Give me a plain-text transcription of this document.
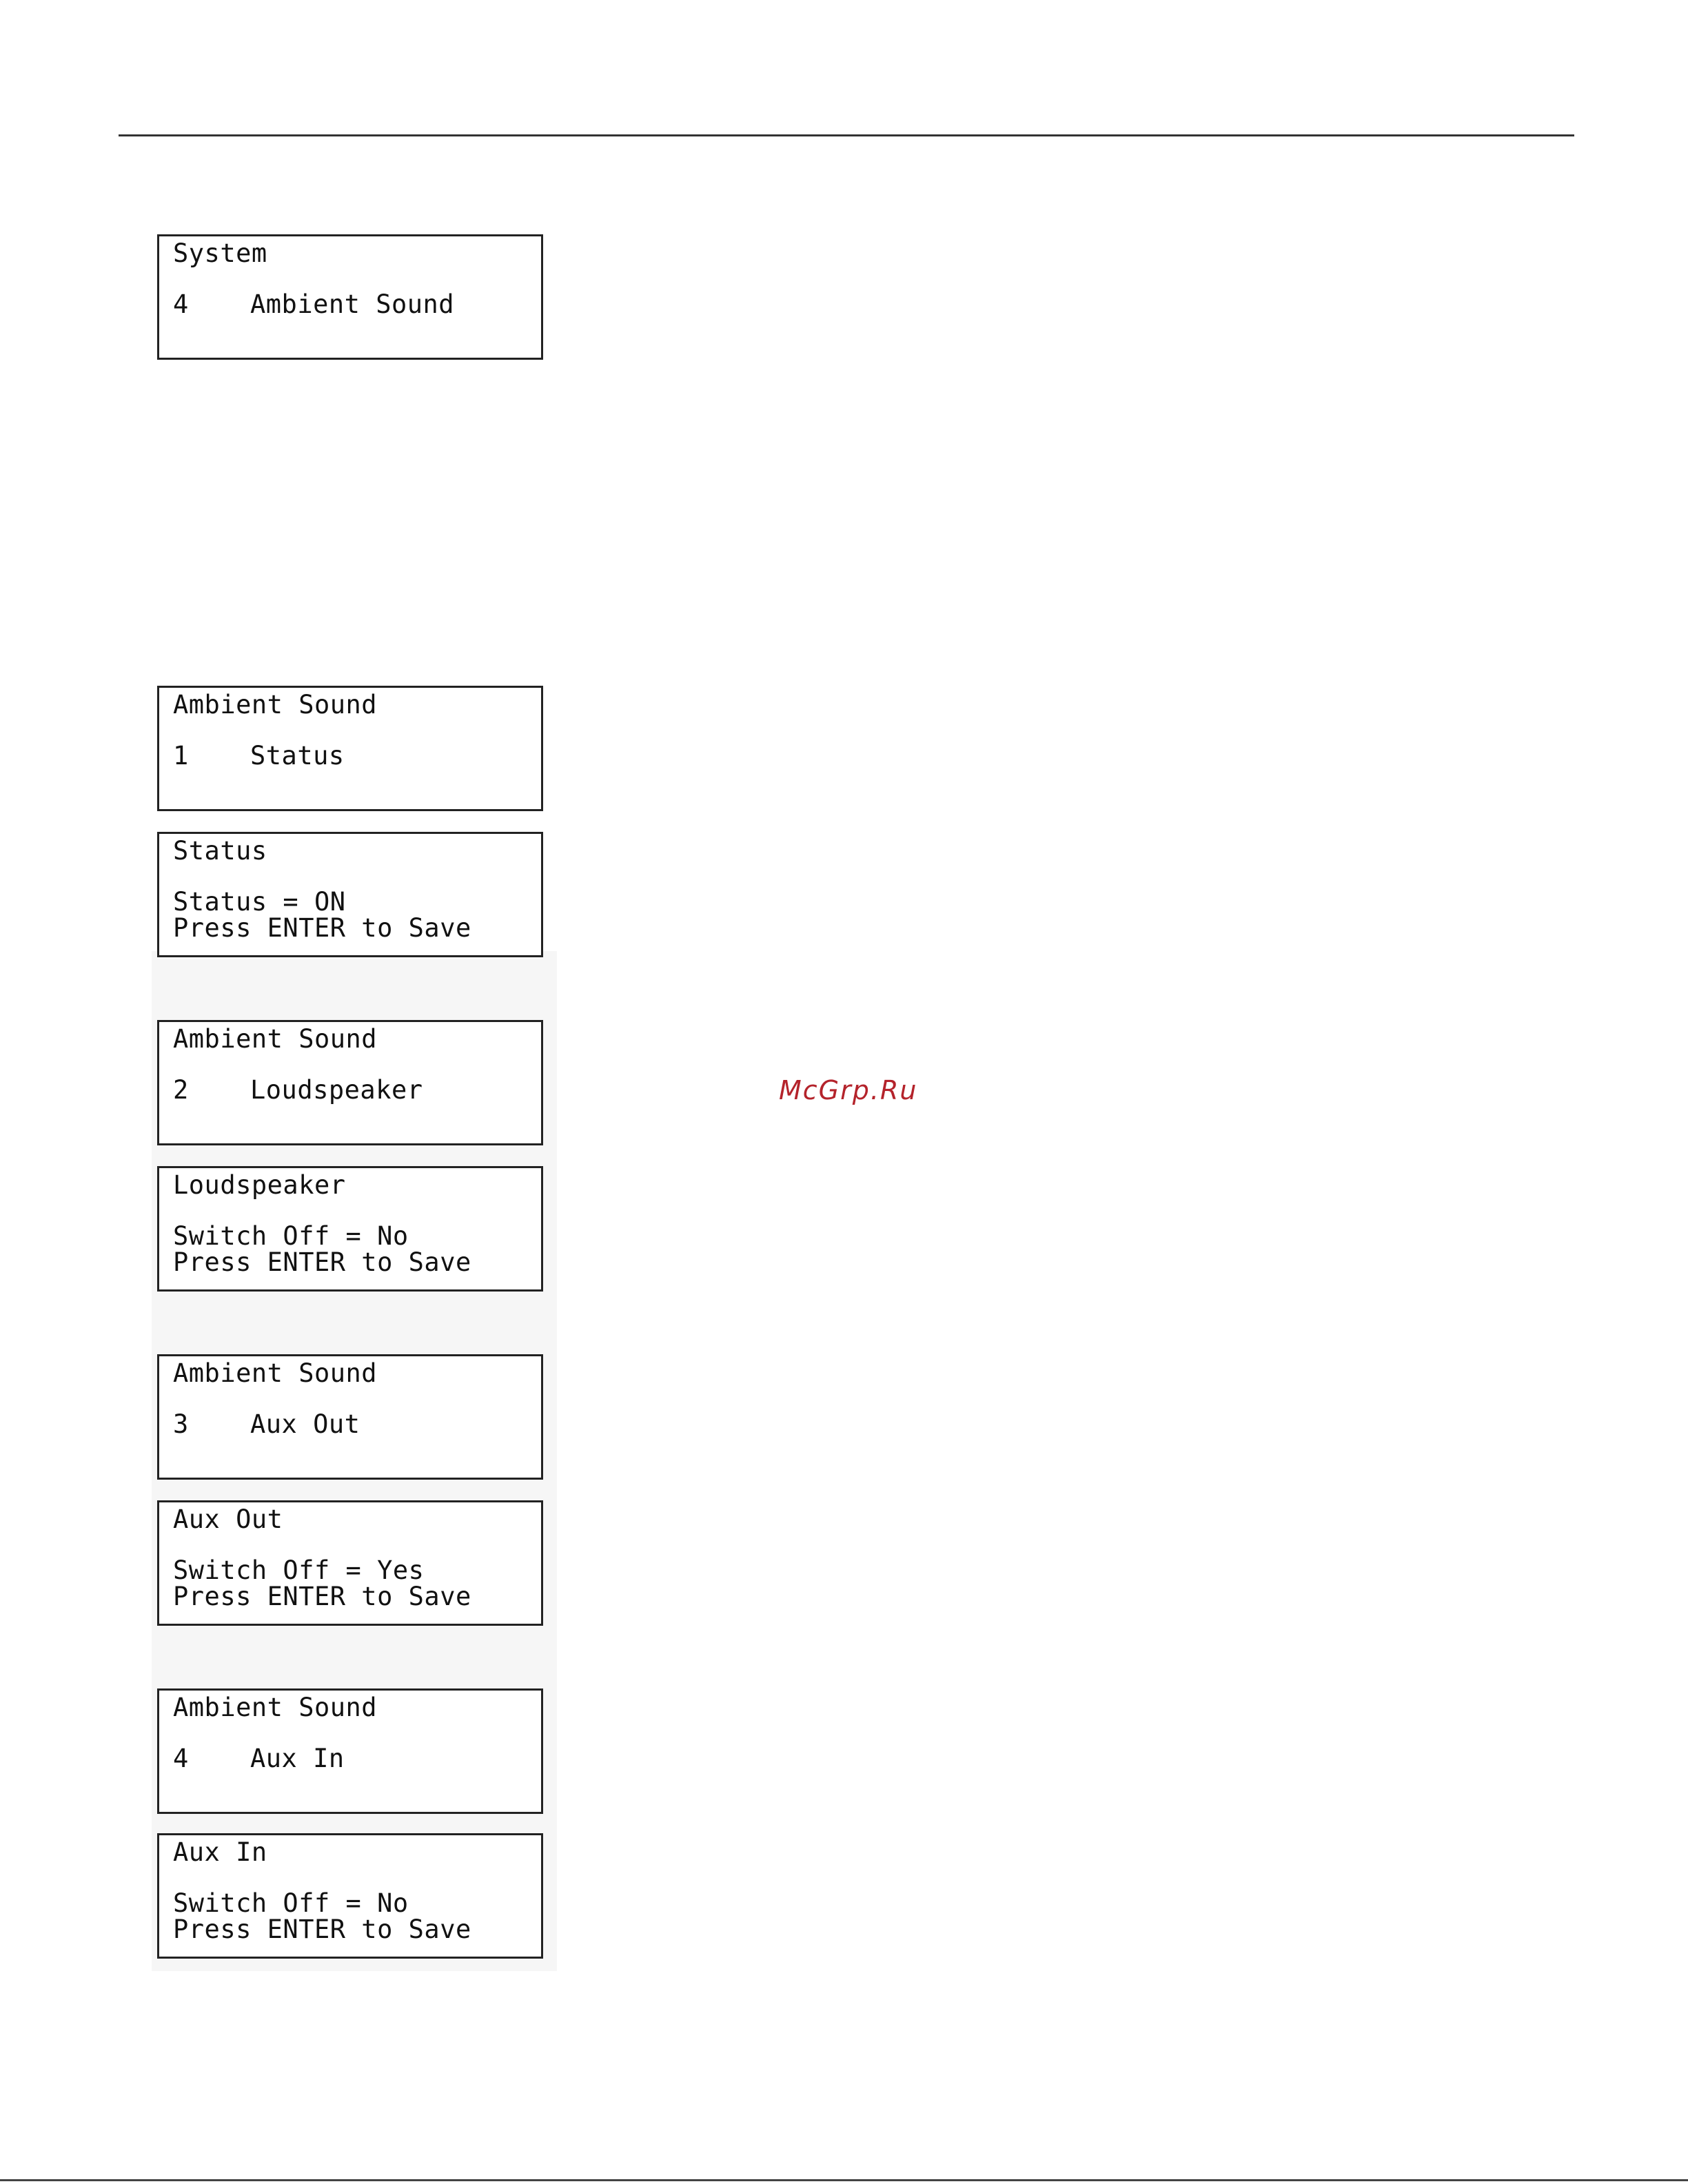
System
4 Ambient Sound
Ambient Sound
1 Status
Status
Status = ON
Press ENTER to Save
Ambient Sound
2 Loudspeaker
Loudspeaker
Switch Off = No
Press ENTER to Save
Ambient Sound
3 Aux Out
Aux Out
Switch Off = Yes
Press ENTER to Save
Ambient Sound
4 Aux In
Aux In
Switch Off = No
Press ENTER to Save
McGrp.Ru
